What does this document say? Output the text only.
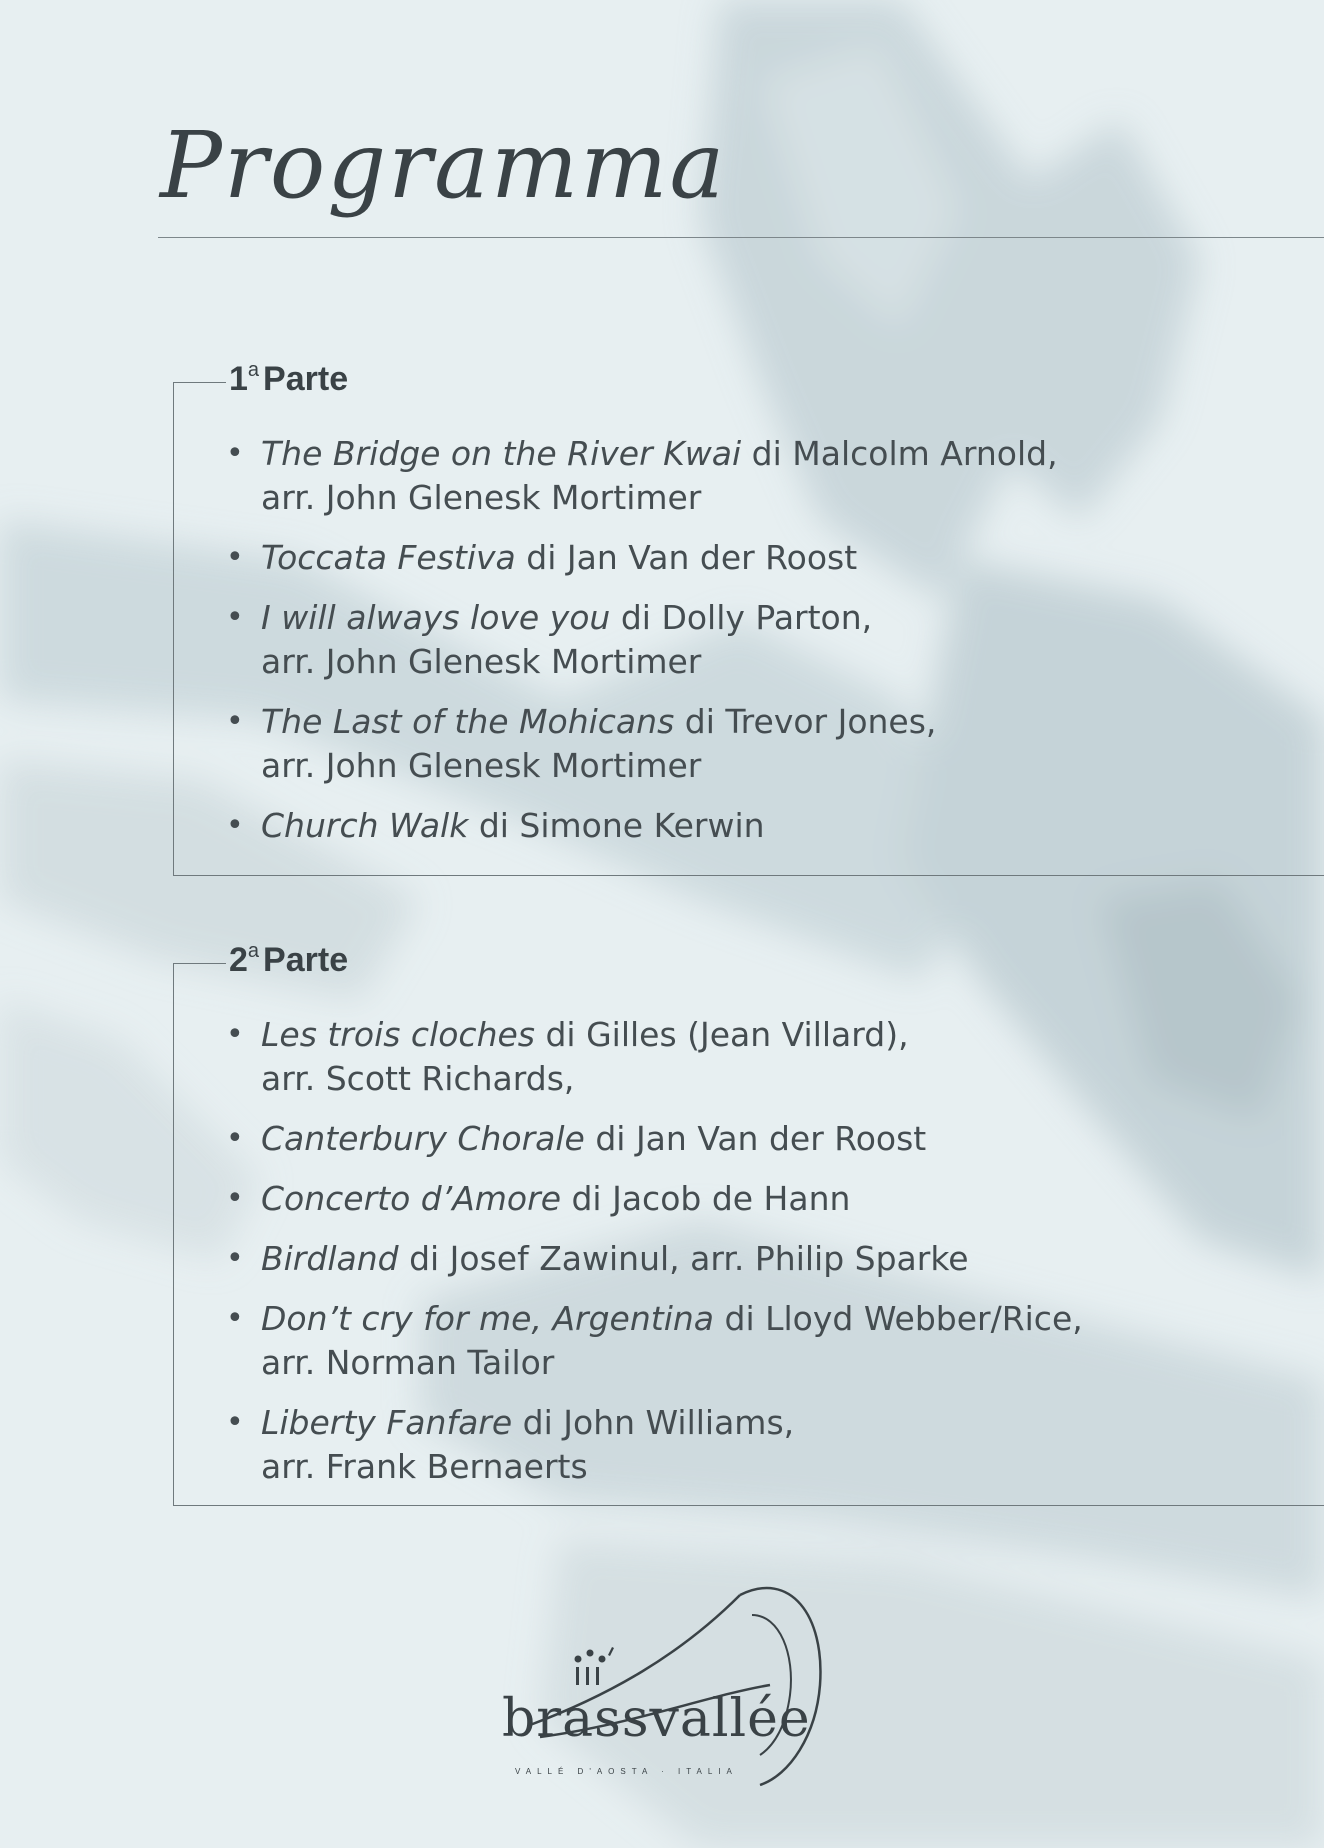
Programma
1$^a$ Parte
• The Bridge on the River Kwai di Malcolm Arnold,
arr. John Glenesk Mortimer
• Toccata Festiva di Jan Van der Roost
• I will always love you di Dolly Parton,
arr. John Glenesk Mortimer
• The Last of the Mohicans di Trevor Jones,
arr. John Glenesk Mortimer
• Church Walk di Simone Kerwin
2$^a$ Parte
• Les trois cloches di Gilles (Jean Villard),
arr. Scott Richards,
• Canterbury Chorale di Jan Van der Roost
• Concerto d’Amore di Jacob de Hann
• Birdland di Josef Zawinul, arr. Philip Sparke
• Don’t cry for me, Argentina di Lloyd Webber/Rice,
arr. Norman Tailor
• Liberty Fanfare di John Williams,
arr. Frank Bernaerts
brassvallée
VALLÉ D'AOSTA · ITALIA
